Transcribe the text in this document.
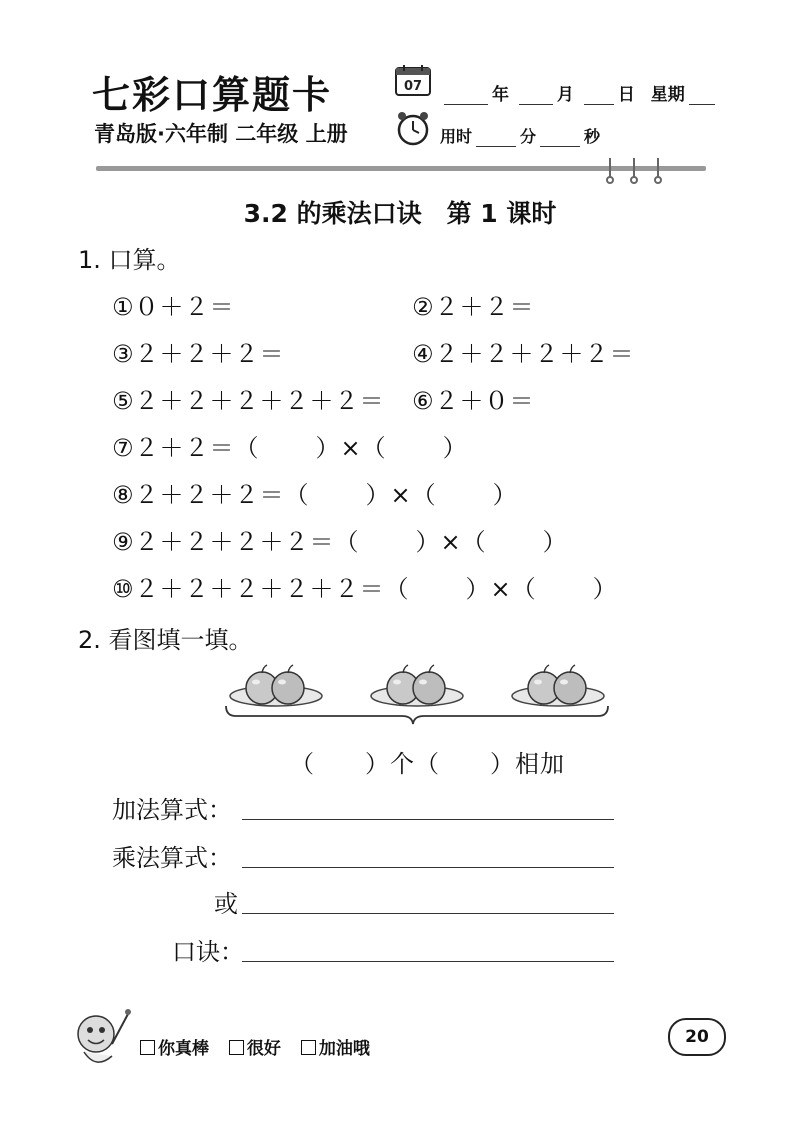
七彩口算题卡
青岛版·六年制 二年级 上册
07	年	月	日 星期
用时	分	秒
3.2 的乘法口诀　第 1 课时
1. 口算。
①０＋２＝	②２＋２＝
③２＋２＋２＝	④２＋２＋２＋２＝
⑤２＋２＋２＋２＋２＝ ⑥２＋０＝
⑦２＋２＝（ ）×（ ）
⑧２＋２＋２＝（ ）×（ ）
⑨２＋２＋２＋２＝（ ）×（ ）
⑩２＋２＋２＋２＋２＝（ ）×（ ）
2. 看图填一填。
（ ）个（ ）相加
加法算式：
乘法算式：
或
口诀：
你真棒 很好 加油哦
20
